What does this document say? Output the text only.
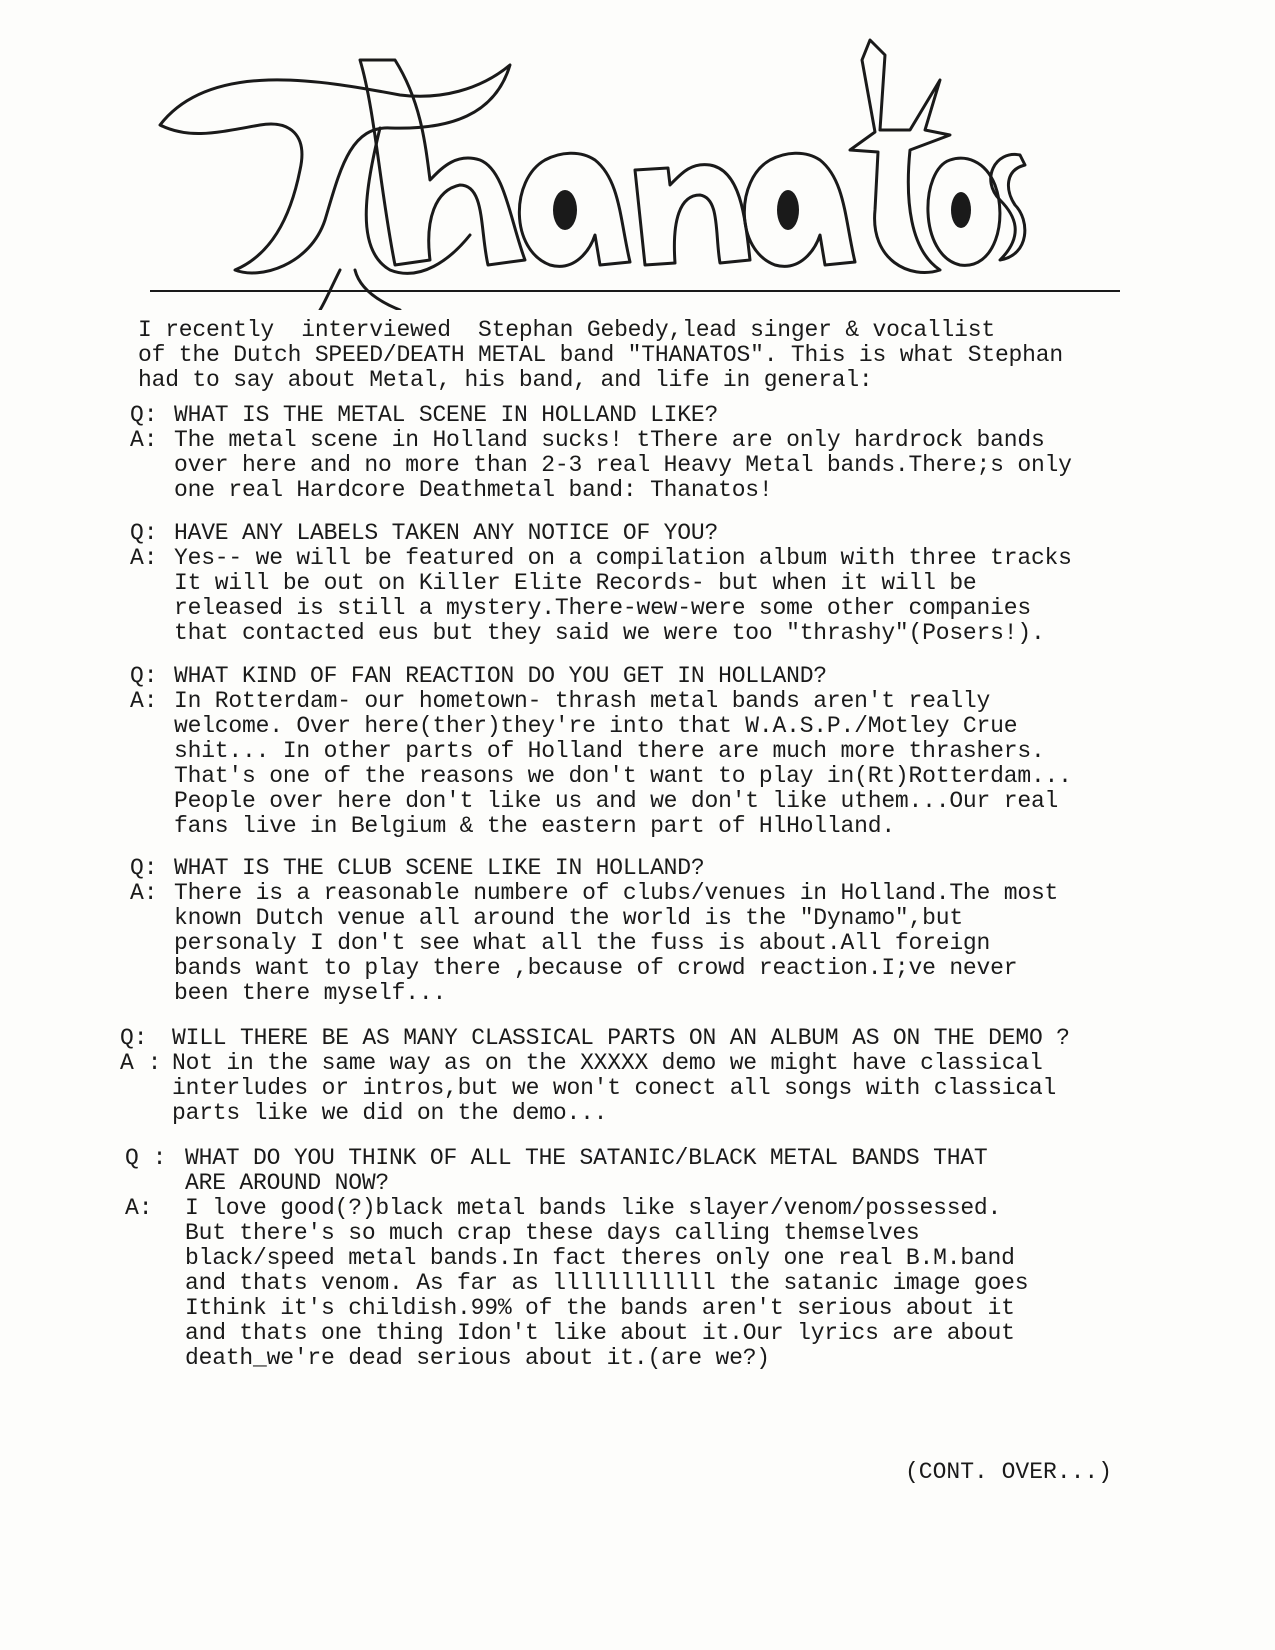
I recently  interviewed  Stephan Gebedy,lead singer & vocallist
of the Dutch SPEED/DEATH METAL band "THANATOS". This is what Stephan
had to say about Metal, his band, and life in general:
Q: WHAT IS THE METAL SCENE IN HOLLAND LIKE?
A: The metal scene in Holland sucks! tThere are only hardrock bands
over here and no more than 2-3 real Heavy Metal bands.There;s only
one real Hardcore Deathmetal band: Thanatos!
Q: HAVE ANY LABELS TAKEN ANY NOTICE OF YOU?
A: Yes-- we will be featured on a compilation album with three tracks
It will be out on Killer Elite Records- but when it will be
released is still a mystery.There-wew-were some other companies
that contacted eus but they said we were too "thrashy"(Posers!).
Q: WHAT KIND OF FAN REACTION DO YOU GET IN HOLLAND?
A: In Rotterdam- our hometown- thrash metal bands aren't really
welcome. Over here(ther)they're into that W.A.S.P./Motley Crue
shit... In other parts of Holland there are much more thrashers.
That's one of the reasons we don't want to play in(Rt)Rotterdam...
People over here don't like us and we don't like uthem...Our real
fans live in Belgium & the eastern part of HlHolland.
Q: WHAT IS THE CLUB SCENE LIKE IN HOLLAND?
A: There is a reasonable numbere of clubs/venues in Holland.The most
known Dutch venue all around the world is the "Dynamo",but
personaly I don't see what all the fuss is about.All foreign
bands want to play there ,because of crowd reaction.I;ve never
been there myself...
Q:	WILL THERE BE AS MANY CLASSICAL PARTS ON AN ALBUM AS ON THE DEMO ?
A : Not in the same way as on the XXXXX demo we might have classical
interludes or intros,but we won't conect all songs with classical
parts like we did on the demo...
Q : WHAT DO YOU THINK OF ALL THE SATANIC/BLACK METAL BANDS THAT
ARE AROUND NOW?
A:	I love good(?)black metal bands like slayer/venom/possessed.
But there's so much crap these days calling themselves
black/speed metal bands.In fact theres only one real B.M.band
and thats venom. As far as llllllllllll the satanic image goes
Ithink it's childish.99% of the bands aren't serious about it
and thats one thing Idon't like about it.Our lyrics are about
death_we're dead serious about it.(are we?)
(CONT. OVER...)
